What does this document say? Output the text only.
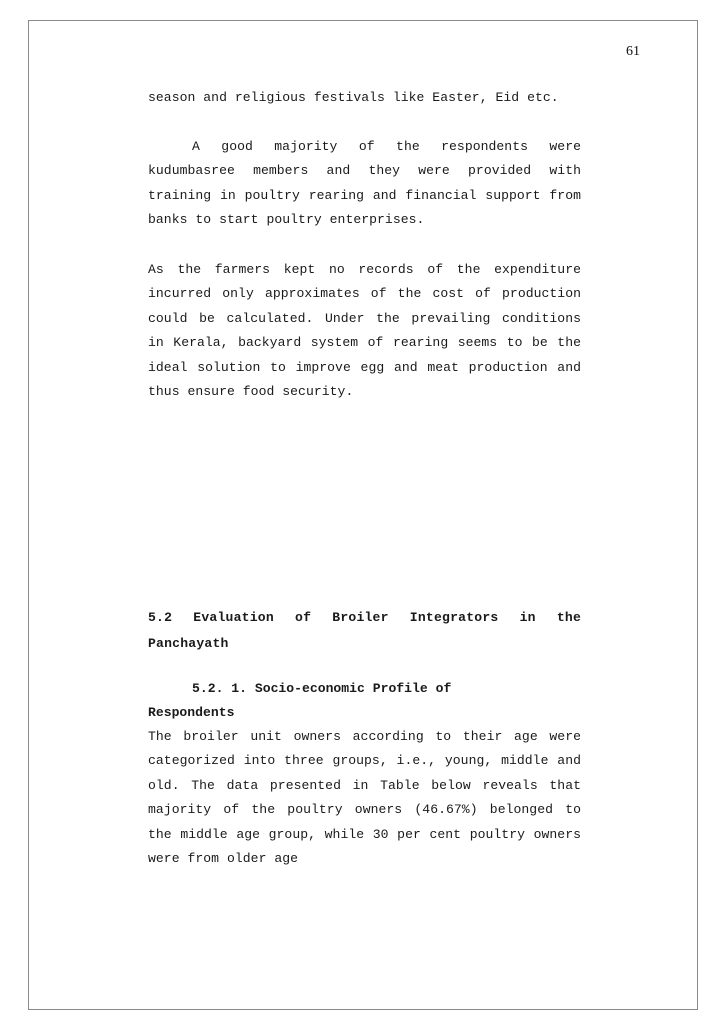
61

season and religious festivals like Easter, Eid etc.

A good majority of the respondents were kudumbasree members and they were provided with training in poultry rearing and financial support from banks to start poultry enterprises.

As the farmers kept no records of the expenditure incurred only approximates of the cost of production could be calculated. Under the prevailing conditions in Kerala, backyard system of rearing seems to be the ideal solution to improve egg and meat production and thus ensure food security.

5.2 Evaluation of Broiler Integrators in the Panchayath

5.2. 1. Socio-economic Profile of

Respondents

The broiler unit owners according to their age were categorized into three groups, i.e., young, middle and old. The data presented in Table below reveals that majority of the poultry owners (46.67%) belonged to the middle age group, while 30 per cent poultry owners were from older age
